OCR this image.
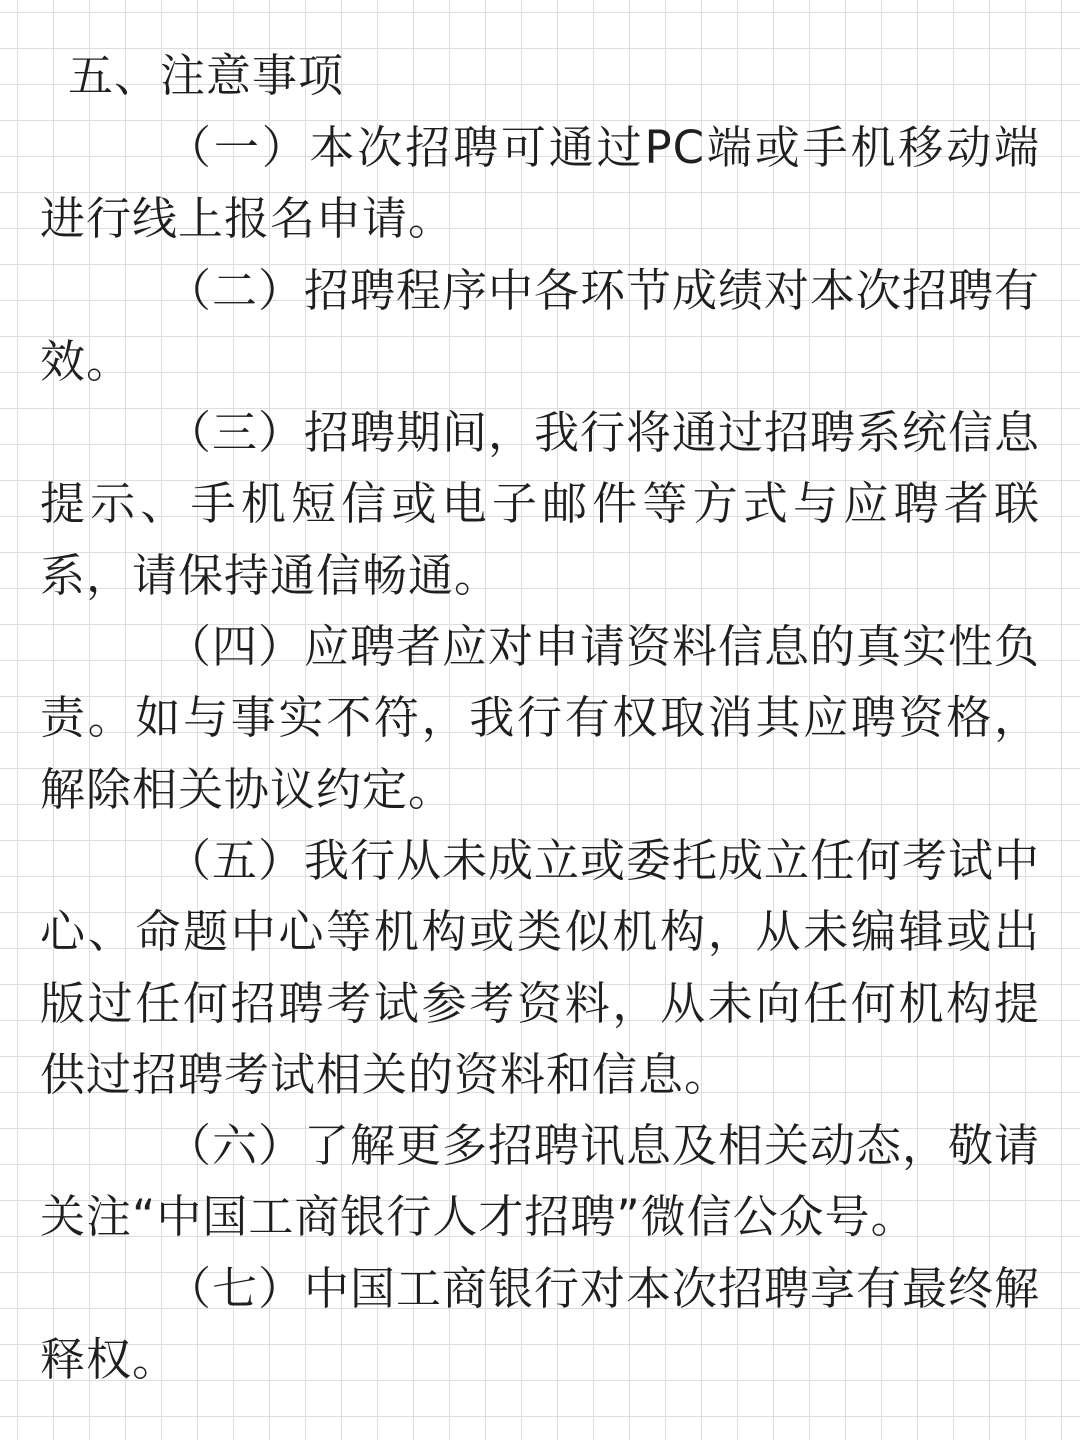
五、注意事项

（一）本次招聘可通过PC端或手机移动端进行线上报名申请。

（二）招聘程序中各环节成绩对本次招聘有效。

（三）招聘期间，我行将通过招聘系统信息提示、手机短信或电子邮件等方式与应聘者联系，请保持通信畅通。

（四）应聘者应对申请资料信息的真实性负责。如与事实不符，我行有权取消其应聘资格，解除相关协议约定。

（五）我行从未成立或委托成立任何考试中心、命题中心等机构或类似机构，从未编辑或出版过任何招聘考试参考资料，从未向任何机构提供过招聘考试相关的资料和信息。

（六）了解更多招聘讯息及相关动态，敬请关注“中国工商银行人才招聘”微信公众号。

（七）中国工商银行对本次招聘享有最终解释权。
